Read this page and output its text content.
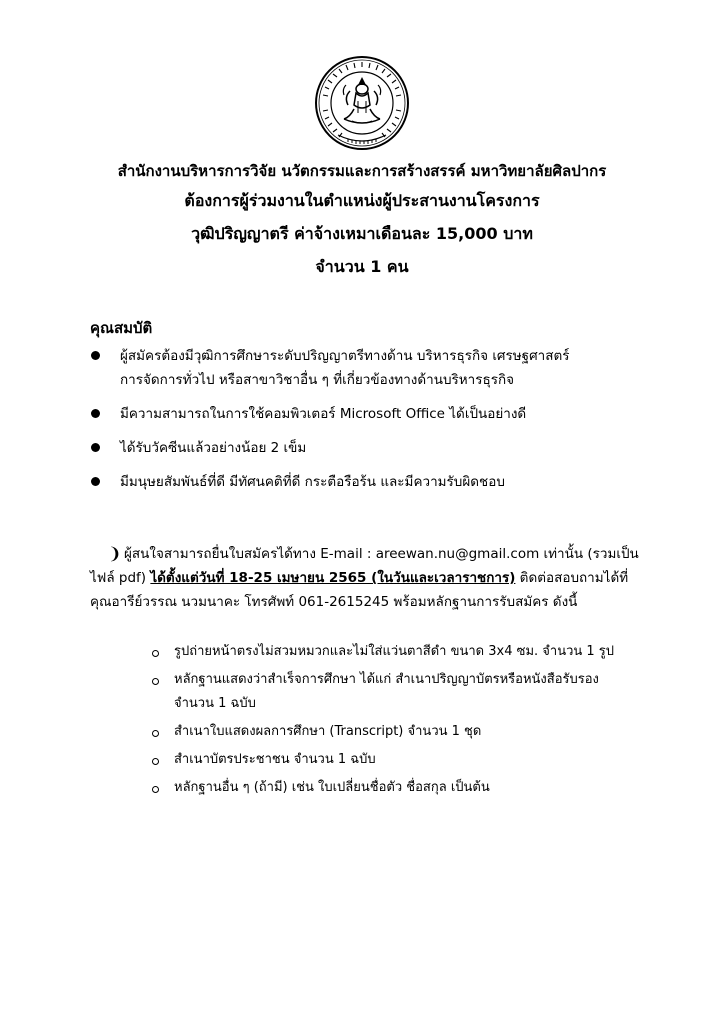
สำนักงานบริหารการวิจัย นวัตกรรมและการสร้างสรรค์ มหาวิทยาลัยศิลปากร
ต้องการผู้ร่วมงานในตำแหน่งผู้ประสานงานโครงการ
วุฒิปริญญาตรี ค่าจ้างเหมาเดือนละ 15,000 บาท
จำนวน 1 คน
คุณสมบัติ
ผู้สมัครต้องมีวุฒิการศึกษาระดับปริญญาตรีทางด้าน บริหารธุรกิจ เศรษฐศาสตร์
การจัดการทั่วไป หรือสาขาวิชาอื่น ๆ ที่เกี่ยวข้องทางด้านบริหารธุรกิจ
มีความสามารถในการใช้คอมพิวเตอร์ Microsoft Office ได้เป็นอย่างดี
ได้รับวัคซีนแล้วอย่างน้อย 2 เข็ม
มีมนุษยสัมพันธ์ที่ดี มีทัศนคติที่ดี กระตือรือร้น และมีความรับผิดชอบ
❩ ผู้สนใจสามารถยื่นใบสมัครได้ทาง E-mail : areewan.nu@gmail.com เท่านั้น (รวมเป็น
ไฟล์ pdf) ได้ตั้งแต่วันที่ 18-25 เมษายน 2565 (ในวันและเวลาราชการ) ติดต่อสอบถามได้ที่
คุณอารีย์วรรณ นวมนาคะ โทรศัพท์ 061-2615245 พร้อมหลักฐานการรับสมัคร ดังนี้
รูปถ่ายหน้าตรงไม่สวมหมวกและไม่ใส่แว่นตาสีดำ ขนาด 3x4 ซม. จำนวน 1 รูป
หลักฐานแสดงว่าสำเร็จการศึกษา ได้แก่ สำเนาปริญญาบัตรหรือหนังสือรับรอง
จำนวน 1 ฉบับ
สำเนาใบแสดงผลการศึกษา (Transcript) จำนวน 1 ชุด
สำเนาบัตรประชาชน จำนวน 1 ฉบับ
หลักฐานอื่น ๆ (ถ้ามี) เช่น ใบเปลี่ยนชื่อตัว ชื่อสกุล เป็นต้น
